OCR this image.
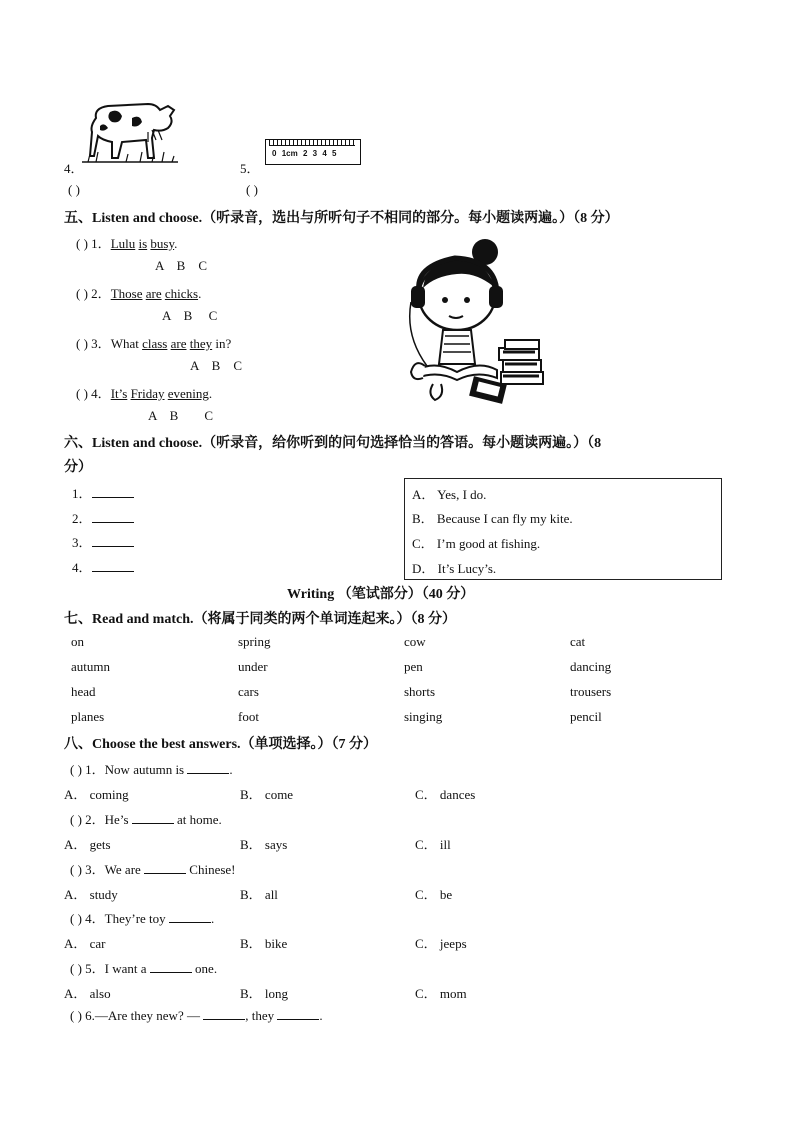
4．	5．
0 1cm 2 3 4 5
( )	( )
五、Listen and choose.（听录音，选出与所听句子不相同的部分。每小题读两遍。）（8 分）
( ) 1．Lulu is busy.
A    B    C
( ) 2．Those are chicks.
A    B     C
( ) 3．What class are they in?
A    B    C
( ) 4．It’s Friday evening.
A    B        C
六、Listen and choose.（听录音，给你听到的问句选择恰当的答语。每小题读两遍。）（8
分）
1．
2．
3．
4．
A． Yes, I do.
B． Because I can fly my kite.
C． I’m good at fishing.
D． It’s Lucy’s.
Writing （笔试部分）（40 分）
七、Read and match.（将属于同类的两个单词连起来。）（8 分）
on	spring	cow	cat
autumn	under	pen	dancing
head	cars	shorts	trousers
planes	foot	singing	pencil
八、Choose the best answers.（单项选择。）（7 分）
( ) 1．Now autumn is	.
A． coming	B． come	C． dances
( ) 2．He’s	at home.
A． gets	B． says	C． ill
( ) 3．We are	Chinese!
A． study	B． all	C． be
( ) 4．They’re toy	.
A． car	B． bike	C． jeeps
( ) 5．I want a	one.
A． also	B． long	C． mom
( ) 6.—Are they new? —	, they	.
